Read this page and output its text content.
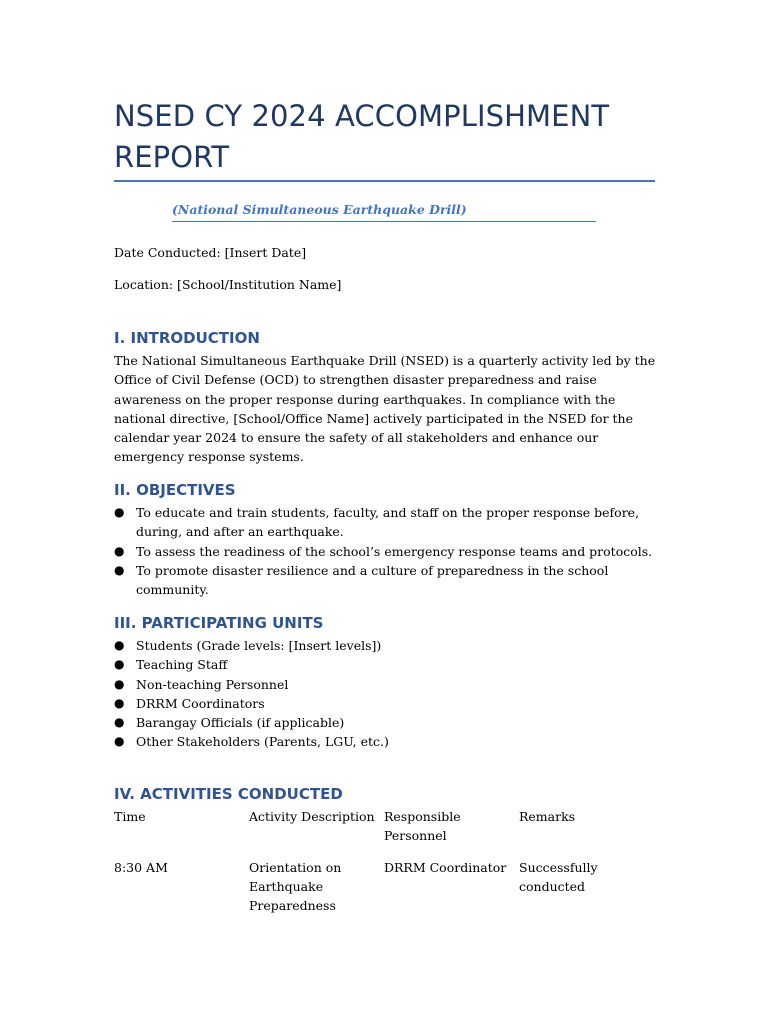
NSED CY 2024 ACCOMPLISHMENT REPORT
(National Simultaneous Earthquake Drill)
Date Conducted: [Insert Date]
Location: [School/Institution Name]
I. INTRODUCTION

The National Simultaneous Earthquake Drill (NSED) is a quarterly activity led by the Office of Civil Defense (OCD) to strengthen disaster preparedness and raise awareness on the proper response during earthquakes. In compliance with the national directive, [School/Office Name] actively participated in the NSED for the calendar year 2024 to ensure the safety of all stakeholders and enhance our emergency response systems.

II. OBJECTIVES
● To educate and train students, faculty, and staff on the proper response before, during, and after an earthquake.
● To assess the readiness of the school’s emergency response teams and protocols.
● To promote disaster resilience and a culture of preparedness in the school community.
III. PARTICIPATING UNITS
● Students (Grade levels: [Insert levels])
● Teaching Staff
● Non-teaching Personnel
● DRRM Coordinators
● Barangay Officials (if applicable)
● Other Stakeholders (Parents, LGU, etc.)
IV. ACTIVITIES CONDUCTED
Time	Activity Description	Responsible Personnel	Remarks
8:30 AM	Orientation on Earthquake Preparedness	DRRM Coordinator	Successfully conducted
